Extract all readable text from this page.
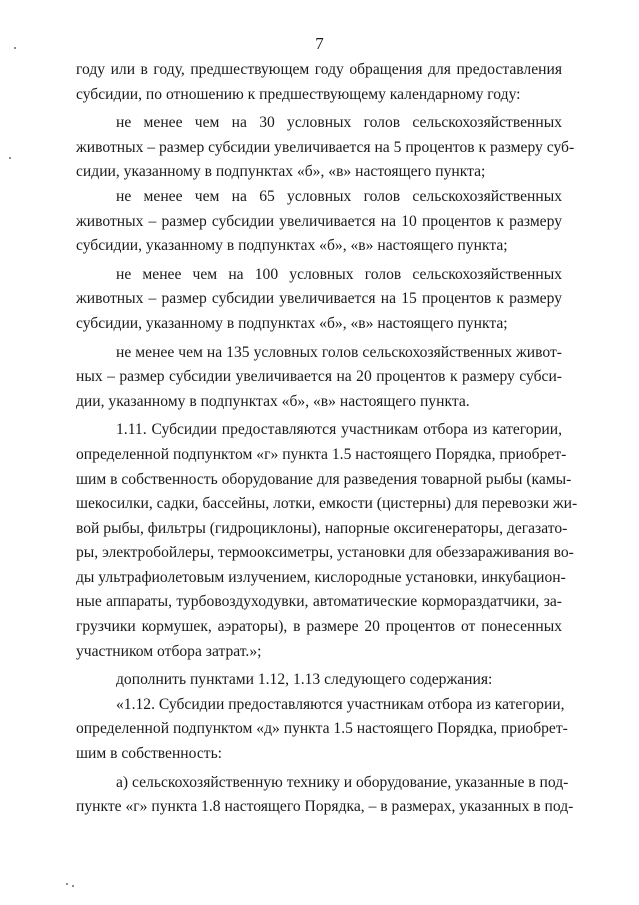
7
году или в году, предшествующем году обращения для предоставления
субсидии, по отношению к предшествующему календарному году:
не менее чем на 30 условных голов сельскохозяйственных
животных – размер субсидии увеличивается на 5 процентов к размеру суб-
сидии, указанному в подпунктах «б», «в» настоящего пункта;
не менее чем на 65 условных голов сельскохозяйственных
животных – размер субсидии увеличивается на 10 процентов к размеру
субсидии, указанному в подпунктах «б», «в» настоящего пункта;
не менее чем на 100 условных голов сельскохозяйственных
животных – размер субсидии увеличивается на 15 процентов к размеру
субсидии, указанному в подпунктах «б», «в» настоящего пункта;
не менее чем на 135 условных голов сельскохозяйственных живот-
ных – размер субсидии увеличивается на 20 процентов к размеру субси-
дии, указанному в подпунктах «б», «в» настоящего пункта.
1.11. Субсидии предоставляются участникам отбора из категории,
определенной подпунктом «г» пункта 1.5 настоящего Порядка, приобрет-
шим в собственность оборудование для разведения товарной рыбы (камы-
шекосилки, садки, бассейны, лотки, емкости (цистерны) для перевозки жи-
вой рыбы, фильтры (гидроциклоны), напорные оксигенераторы, дегазато-
ры, электробойлеры, термооксиметры, установки для обеззараживания во-
ды ультрафиолетовым излучением, кислородные установки, инкубацион-
ные аппараты, турбовоздуходувки, автоматические кормораздатчики, за-
грузчики кормушек, аэраторы), в размере 20 процентов от понесенных
участником отбора затрат.»;
дополнить пунктами 1.12, 1.13 следующего содержания:
«1.12. Субсидии предоставляются участникам отбора из категории,
определенной подпунктом «д» пункта 1.5 настоящего Порядка, приобрет-
шим в собственность:
а) сельскохозяйственную технику и оборудование, указанные в под-
пункте «г» пункта 1.8 настоящего Порядка, – в размерах, указанных в под-
